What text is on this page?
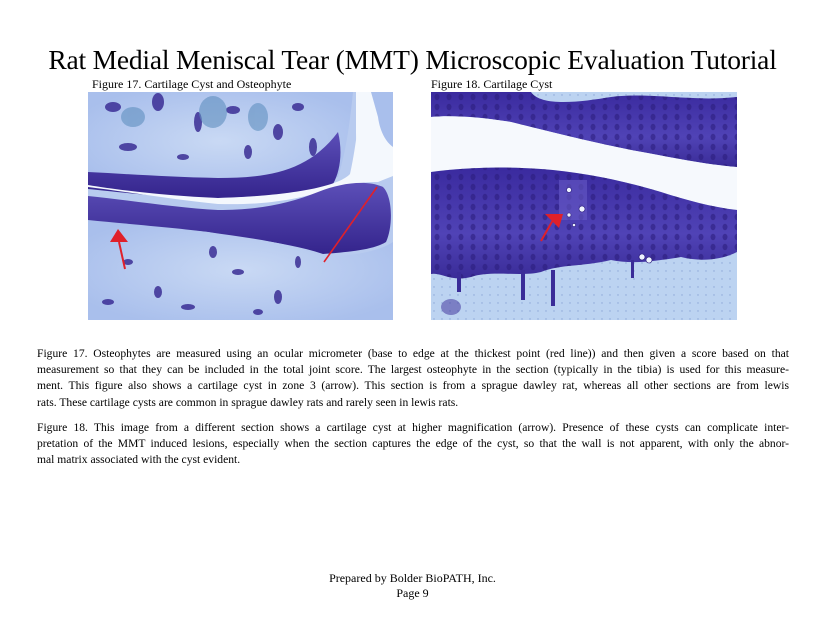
Rat Medial Meniscal Tear (MMT) Microscopic Evaluation Tutorial
Figure 17. Cartilage Cyst and Osteophyte	Figure 18. Cartilage Cyst
Figure 17. Osteophytes are measured using an ocular micrometer (base to edge at the thickest point (red line)) and then given a score based on that
measurement so that they can be included in the total joint score. The largest osteophyte in the section (typically in the tibia) is used for this measure-
ment. This figure also shows a cartilage cyst in zone 3 (arrow). This section is from a sprague dawley rat, whereas all other sections are from lewis
rats. These cartilage cysts are common in sprague dawley rats and rarely seen in lewis rats.
Figure 18. This image from a different section shows a cartilage cyst at higher magnification (arrow). Presence of these cysts can complicate inter-
pretation of the MMT induced lesions, especially when the section captures the edge of the cyst, so that the wall is not apparent, with only the abnor-
mal matrix associated with the cyst evident.
Prepared by Bolder BioPATH, Inc.
Page 9
